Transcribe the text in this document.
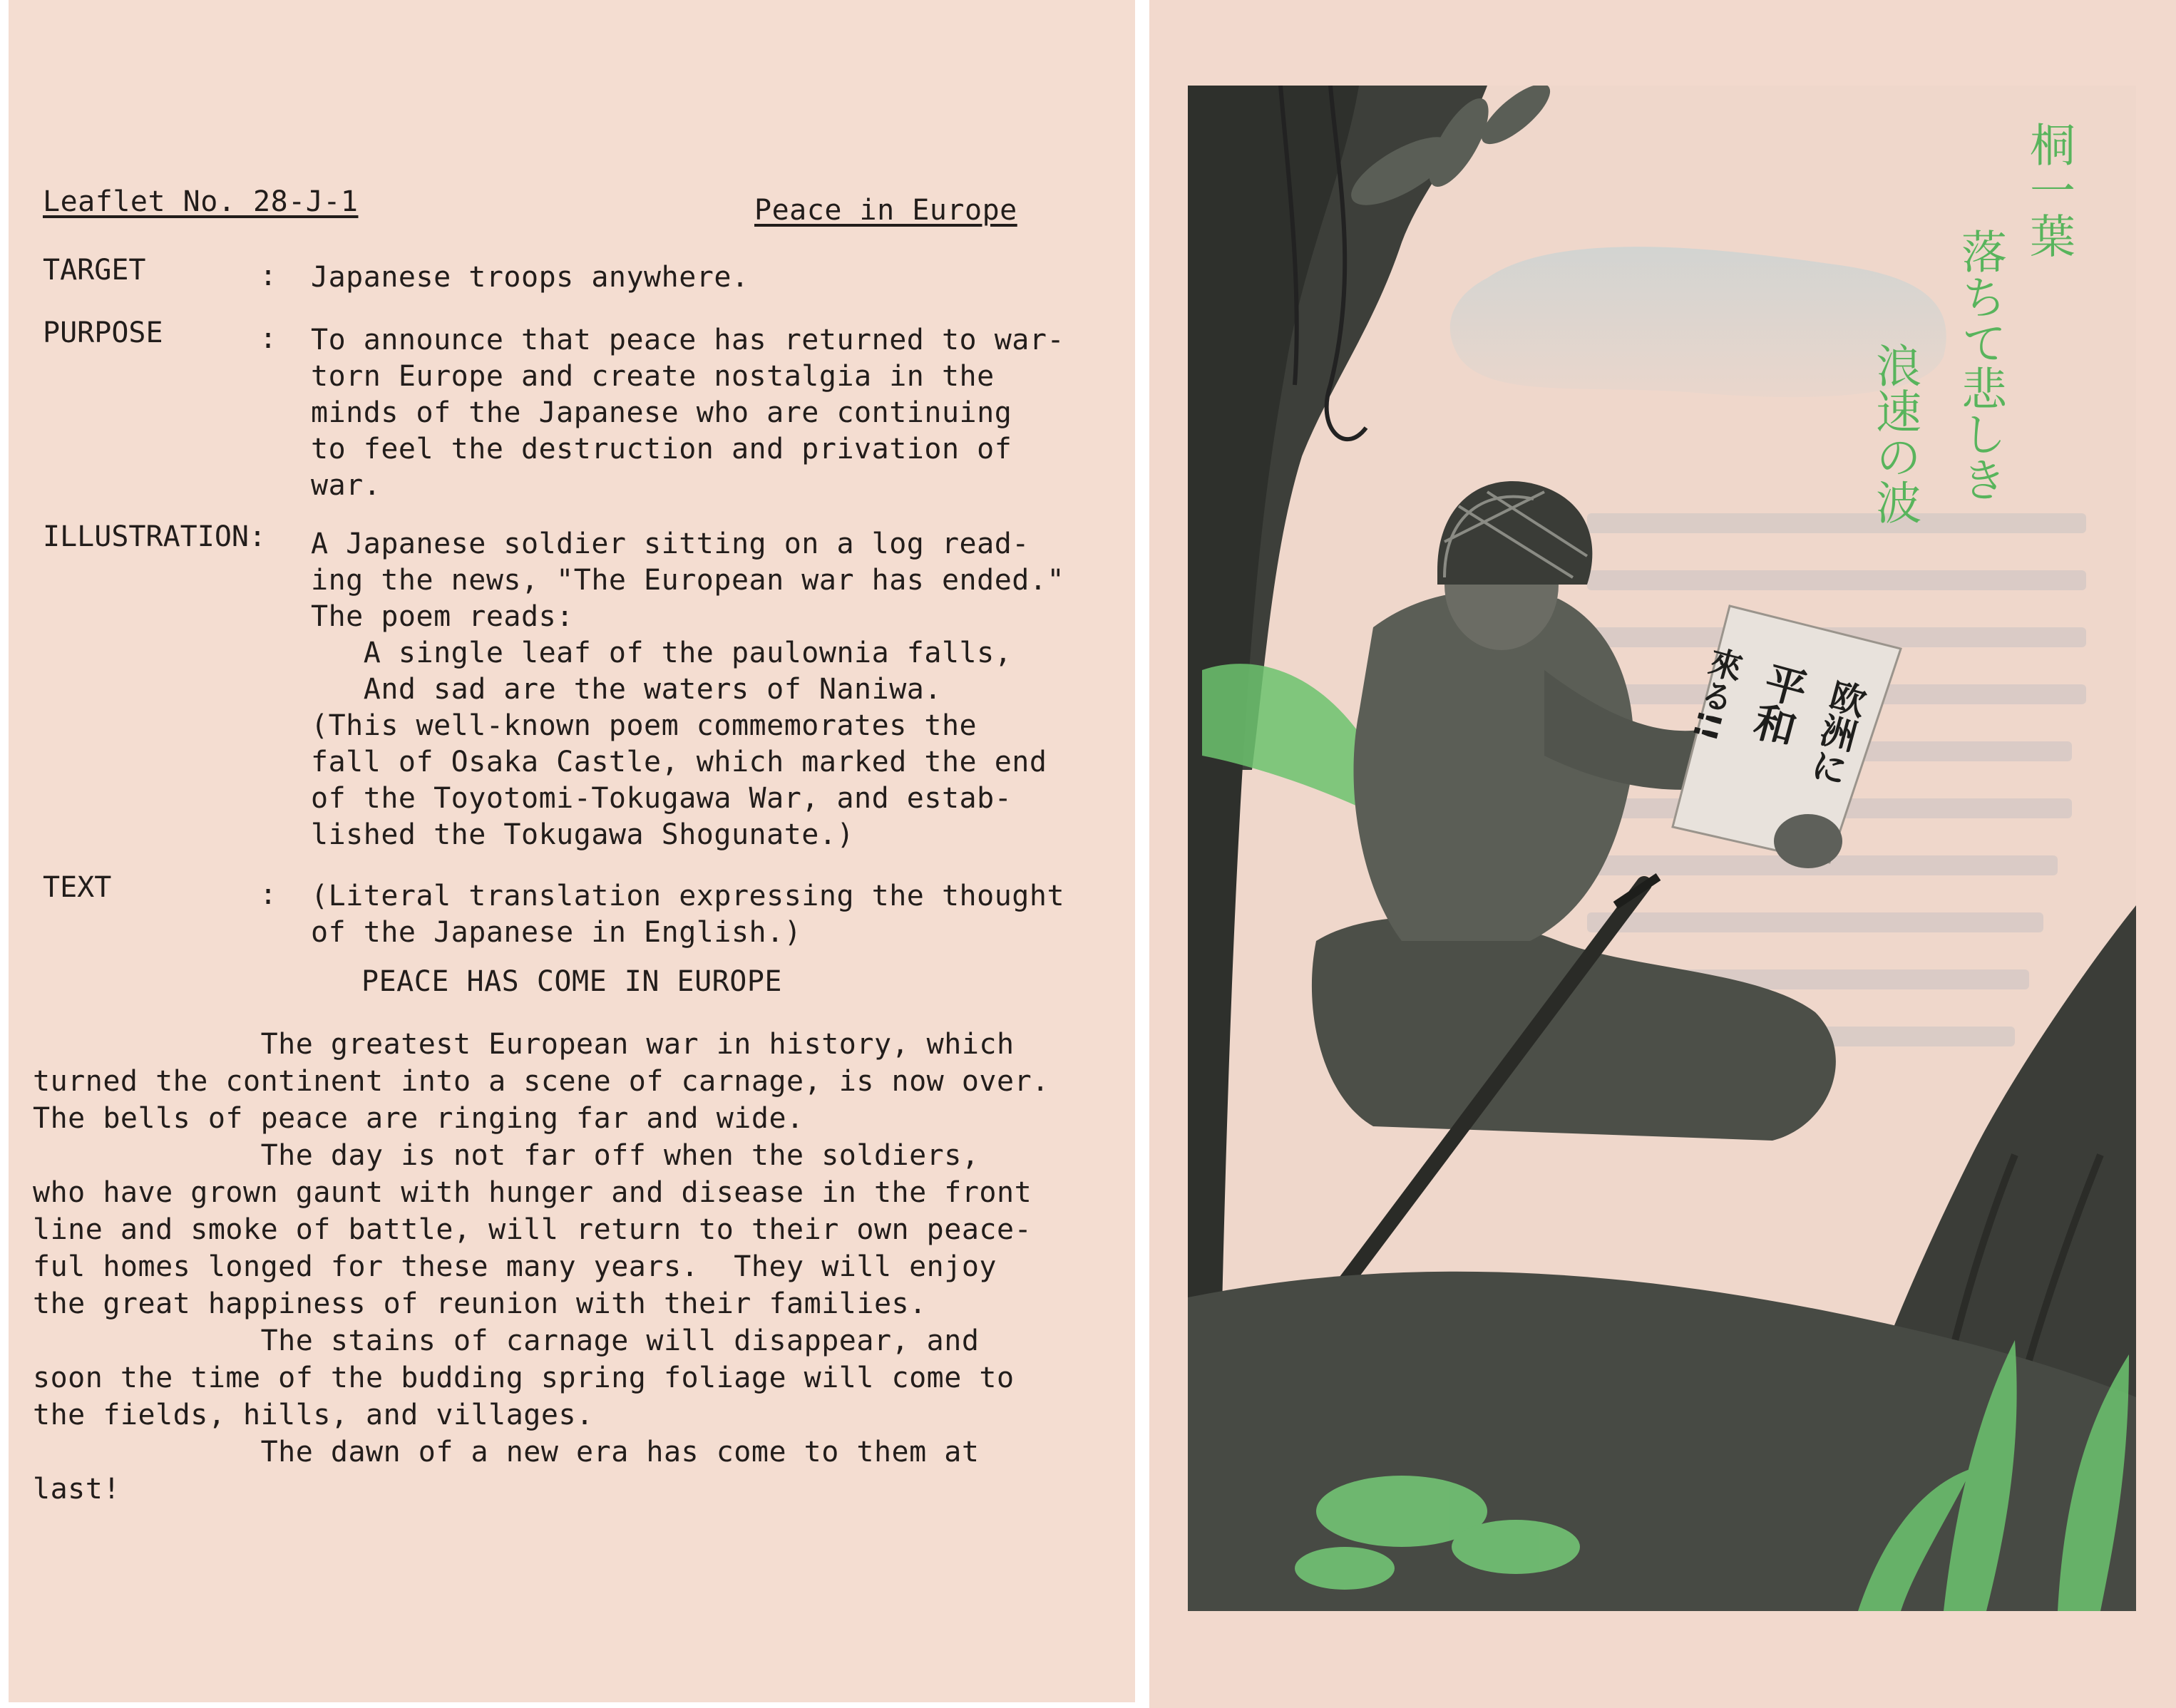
Leaflet No. 28-J-1	Peace in Europe
TARGET	: Japanese troops anywhere.
PURPOSE	: To announce that peace has returned to war-
torn Europe and create nostalgia in the
minds of the Japanese who are continuing
to feel the destruction and privation of
war.
ILLUSTRATION: A Japanese soldier sitting on a log read-
ing the news, "The European war has ended."
The poem reads:
A single leaf of the paulownia falls,
And sad are the waters of Naniwa.
(This well-known poem commemorates the
fall of Osaka Castle, which marked the end
of the Toyotomi-Tokugawa War, and estab-
lished the Tokugawa Shogunate.)
TEXT	: (Literal translation expressing the thought
of the Japanese in English.)
PEACE HAS COME IN EUROPE
The greatest European war in history, which
turned the continent into a scene of carnage, is now over.
The bells of peace are ringing far and wide.
The day is not far off when the soldiers,
who have grown gaunt with hunger and disease in the front
line and smoke of battle, will return to their own peace-
ful homes longed for these many years.  They will enjoy
the great happiness of reunion with their families.
The stains of carnage will disappear, and
soon the time of the budding spring foliage will come to
the fields, hills, and villages.
The dawn of a new era has come to them at
last!
欧洲に
平和
來る!!
桐一葉
落ちて悲しき
浪速の波
